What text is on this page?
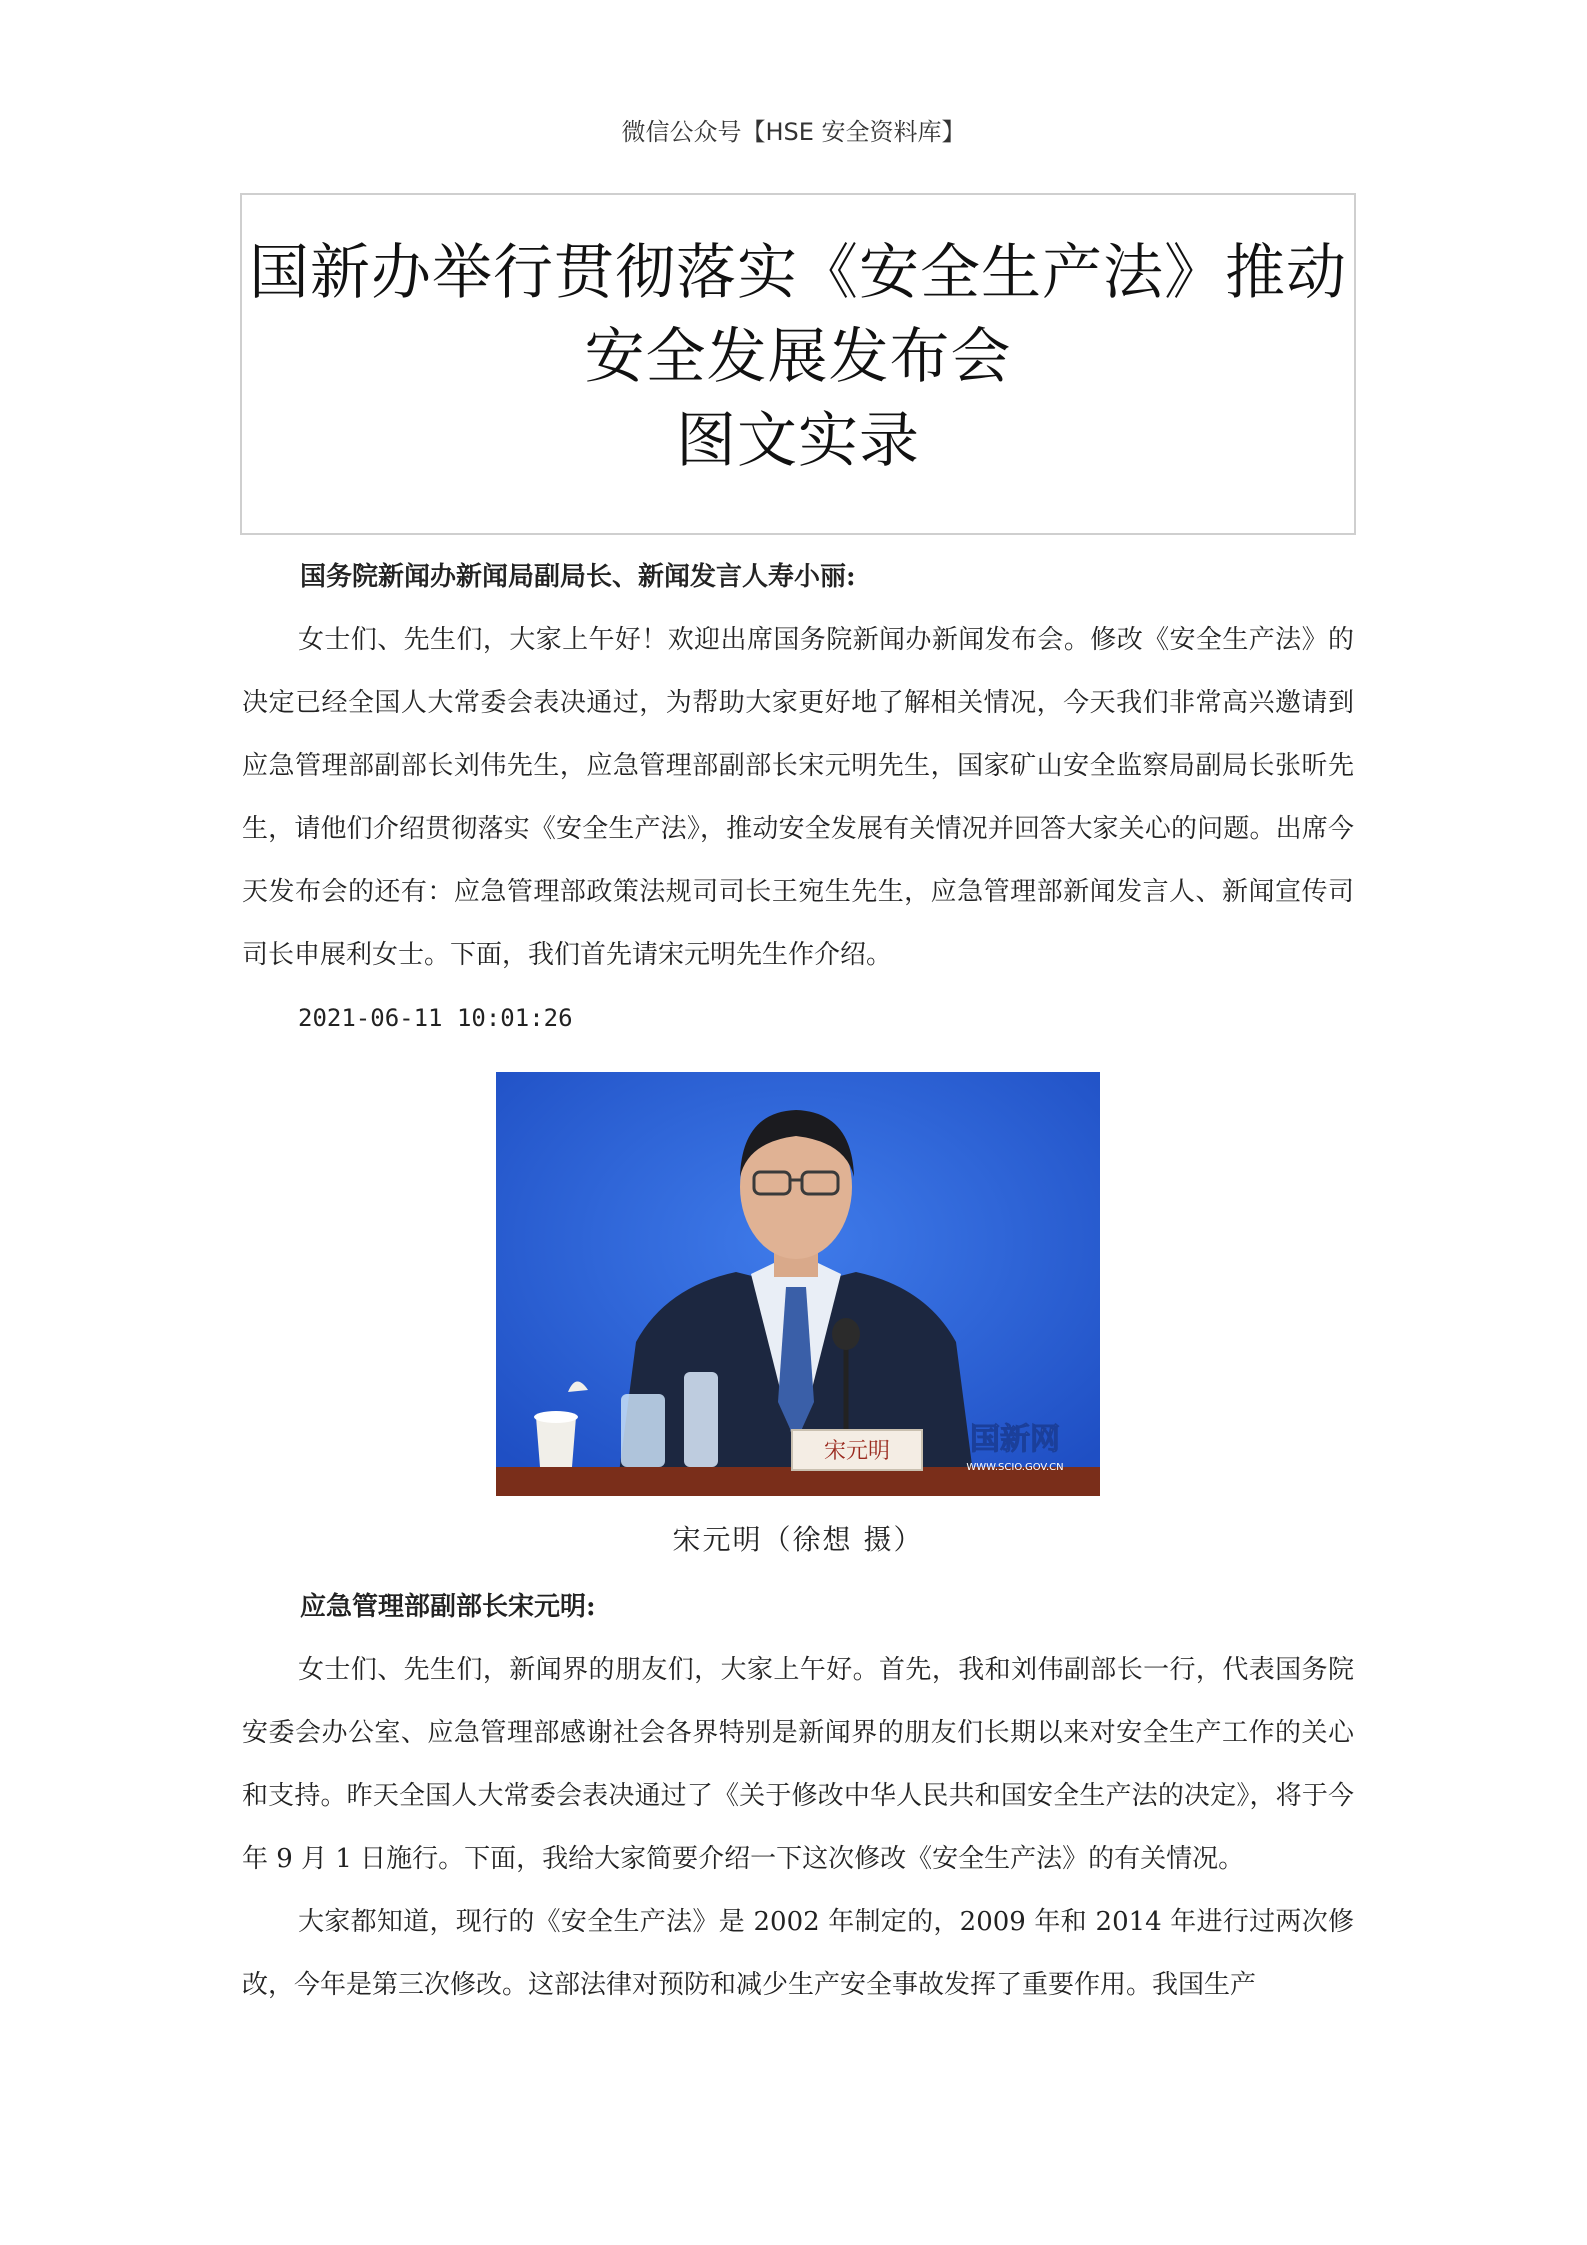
微信公众号【HSE 安全资料库】
国新办举行贯彻落实《安全生产法》推动
安全发展发布会
图文实录

国务院新闻办新闻局副局长、新闻发言人寿小丽:

女士们、先生们，大家上午好！欢迎出席国务院新闻办新闻发布会。修改《安全生产法》的决定已经全国人大常委会表决通过，为帮助大家更好地了解相关情况，今天我们非常高兴邀请到应急管理部副部长刘伟先生，应急管理部副部长宋元明先生，国家矿山安全监察局副局长张昕先生，请他们介绍贯彻落实《安全生产法》，推动安全发展有关情况并回答大家关心的问题。出席今天发布会的还有：应急管理部政策法规司司长王宛生先生，应急管理部新闻发言人、新闻宣传司司长申展利女士。下面，我们首先请宋元明先生作介绍。

2021-06-11 10:01:26

宋元明	国新网
WWW.SCIO.GOV.CN
宋元明（徐想 摄）

应急管理部副部长宋元明:

女士们、先生们，新闻界的朋友们，大家上午好。首先，我和刘伟副部长一行，代表国务院安委会办公室、应急管理部感谢社会各界特别是新闻界的朋友们长期以来对安全生产工作的关心和支持。昨天全国人大常委会表决通过了《关于修改中华人民共和国安全生产法的决定》，将于今年 9 月 1 日施行。下面，我给大家简要介绍一下这次修改《安全生产法》的有关情况。

大家都知道，现行的《安全生产法》是 2002 年制定的，2009 年和 2014 年进行过两次修改，今年是第三次修改。这部法律对预防和减少生产安全事故发挥了重要作用。我国生产
